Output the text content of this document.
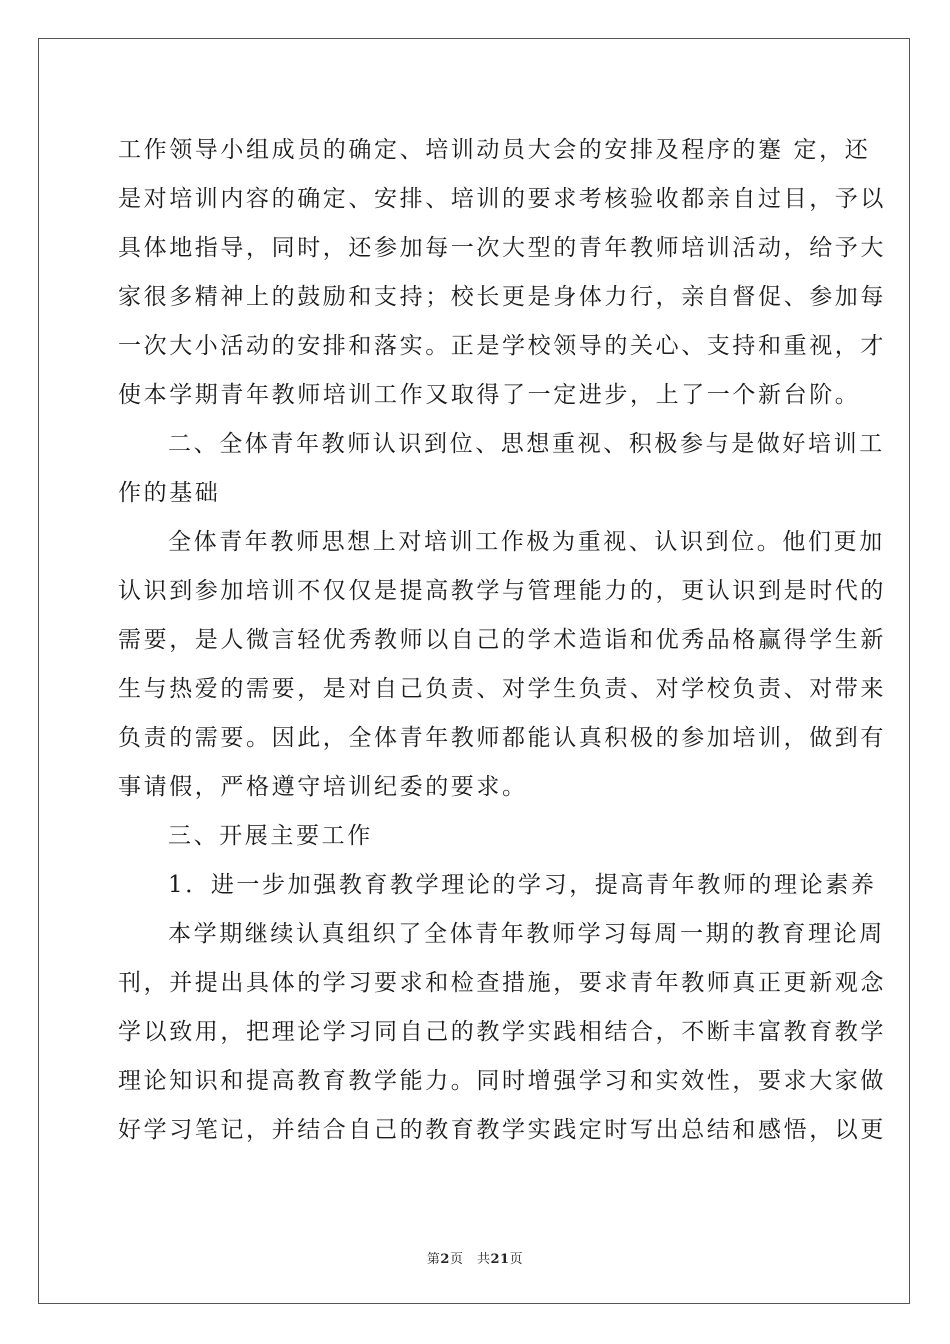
工作领导小组成员的确定、培训动员大会的安排及程序的蹇 定，还
是对培训内容的确定、安排、培训的要求考核验收都亲自过目，予以
具体地指导，同时，还参加每一次大型的青年教师培训活动，给予大
家很多精神上的鼓励和支持；校长更是身体力行，亲自督促、参加每
一次大小活动的安排和落实。正是学校领导的关心、支持和重视，才
使本学期青年教师培训工作又取得了一定进步，上了一个新台阶。
二、全体青年教师认识到位、思想重视、积极参与是做好培训工
作的基础
全体青年教师思想上对培训工作极为重视、认识到位。他们更加
认识到参加培训不仅仅是提高教学与管理能力的，更认识到是时代的
需要，是人微言轻优秀教师以自己的学术造诣和优秀品格赢得学生新
生与热爱的需要，是对自己负责、对学生负责、对学校负责、对带来
负责的需要。因此，全体青年教师都能认真积极的参加培训，做到有
事请假，严格遵守培训纪委的要求。
三、开展主要工作
1．进一步加强教育教学理论的学习，提高青年教师的理论素养
本学期继续认真组织了全体青年教师学习每周一期的教育理论周
刊，并提出具体的学习要求和检查措施，要求青年教师真正更新观念
学以致用，把理论学习同自己的教学实践相结合，不断丰富教育教学
理论知识和提高教育教学能力。同时增强学习和实效性，要求大家做
好学习笔记，并结合自己的教育教学实践定时写出总结和感悟，以更
第2页　共21页
